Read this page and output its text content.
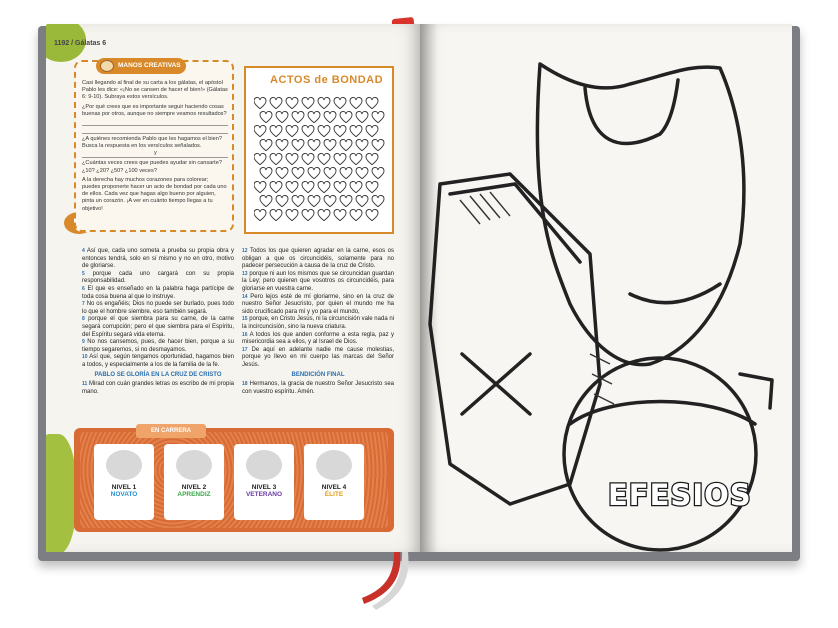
1192 / Gálatas 6
MANOS CREATIVAS

Casi llegando al final de su carta a los gálatas, el apóstol Pablo les dice: «¡No se cansen de hacer el bien!» (Gálatas 6: 9-10). Subraya estos versículos.

¿Por qué crees que es importante seguir haciendo cosas buenas por otros, aunque no siempre veamos resultados?

¿A quiénes recomienda Pablo que les hagamos el bien? Busca la respuesta en los versículos señalados.

y

¿Cuántas veces crees que puedes ayudar sin cansarte? ¿10? ¿20? ¿50? ¿100 veces?

A la derecha hay muchos corazones para colorear; puedes proponerte hacer un acto de bondad por cada uno de ellos. Cada vez que hagas algo bueno por alguien, pinta un corazón. ¡A ver en cuánto tiempo llegas a tu objetivo!

ACTOS de BONDAD
4 Así que, cada uno someta a prueba su propia obra y entonces tendrá, solo en sí mismo y no en otro, motivo de gloriarse.
5 porque cada uno cargará con su propia responsabilidad.
6 El que es enseñado en la palabra haga partícipe de toda cosa buena al que lo instruye.
7 No os engañéis; Dios no puede ser burlado, pues todo lo que el hombre siembre, eso también segará.
8 porque el que siembra para su carne, de la carne segará corrupción; pero el que siembra para el Espíritu, del Espíritu segará vida eterna.
9 No nos cansemos, pues, de hacer bien, porque a su tiempo segaremos, si no desmayamos.
10 Así que, según tengamos oportunidad, hagamos bien a todos, y especialmente a los de la familia de la fe.
PABLO SE GLORÍA EN LA CRUZ DE CRISTO
11 Mirad con cuán grandes letras os escribo de mi propia mano.
12 Todos los que quieren agradar en la carne, esos os obligan a que os circuncidéis, solamente para no padecer persecución a causa de la cruz de Cristo.
13 porque ni aun los mismos que se circuncidan guardan la Ley; pero quieren que vosotros os circuncidéis, para gloriarse en vuestra carne.
14 Pero lejos esté de mí gloriarme, sino en la cruz de nuestro Señor Jesucristo, por quien el mundo me ha sido crucificado para mí y yo para el mundo,
15 porque, en Cristo Jesús, ni la circuncisión vale nada ni la incircuncisión, sino la nueva criatura.
16 A todos los que anden conforme a esta regla, paz y misericordia sea a ellos, y al Israel de Dios.
17 De aquí en adelante nadie me cause molestias, porque yo llevo en mi cuerpo las marcas del Señor Jesús.
BENDICIÓN FINAL
18 Hermanos, la gracia de nuestro Señor Jesucristo sea con vuestro espíritu. Amén.
EN CARRERA
NIVEL 1
NOVATO
NIVEL 2
APRENDIZ
NIVEL 3
VETERANO
NIVEL 4
ÉLITE	EFESIOS
